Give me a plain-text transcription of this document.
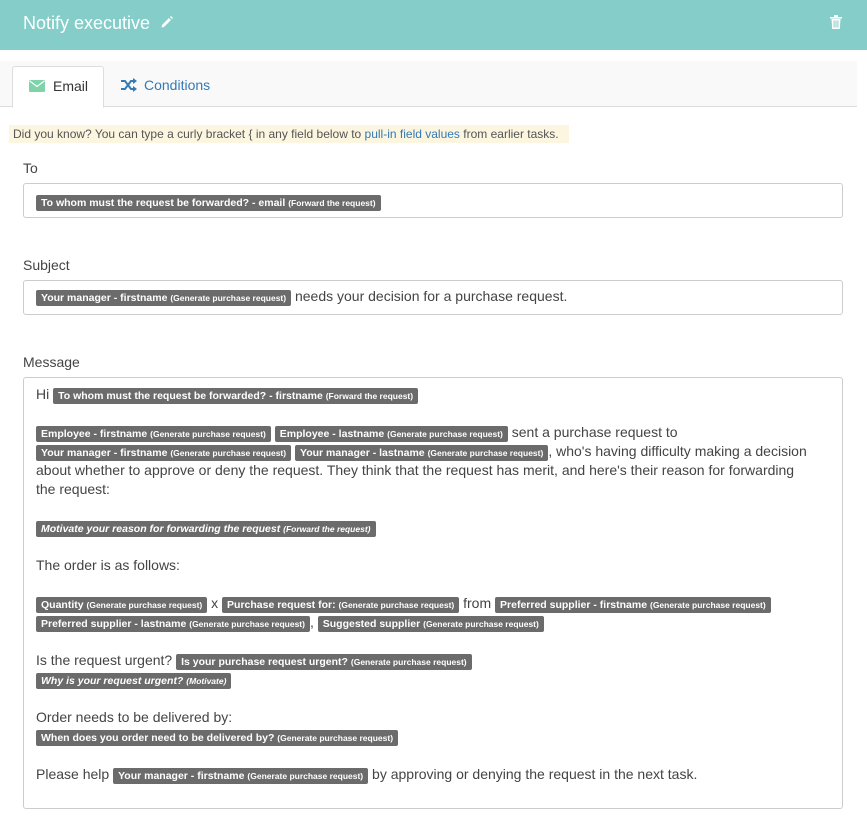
Notify executive
Email	Conditions
Did you know? You can type a curly bracket { in any field below to pull-in field values from earlier tasks.
To
To whom must the request be forwarded? - email (Forward the request)
Subject
Your manager - firstname (Generate purchase request) needs your decision for a purchase request.
Message
Hi To whom must the request be forwarded? - firstname (Forward the request)
Employee - firstname (Generate purchase request) Employee - lastname (Generate purchase request) sent a purchase request to
Your manager - firstname (Generate purchase request) Your manager - lastname (Generate purchase request) , who's having difficulty making a decision
about whether to approve or deny the request. They think that the request has merit, and here's their reason for forwarding
the request:
Motivate your reason for forwarding the request (Forward the request)
The order is as follows:
Quantity (Generate purchase request) x Purchase request for: (Generate purchase request) from Preferred supplier - firstname (Generate purchase request)
Preferred supplier - lastname (Generate purchase request) , Suggested supplier (Generate purchase request)
Is the request urgent? Is your purchase request urgent? (Generate purchase request)
Why is your request urgent? (Motivate)
Order needs to be delivered by:
When does you order need to be delivered by? (Generate purchase request)
Please help Your manager - firstname (Generate purchase request) by approving or denying the request in the next task.
